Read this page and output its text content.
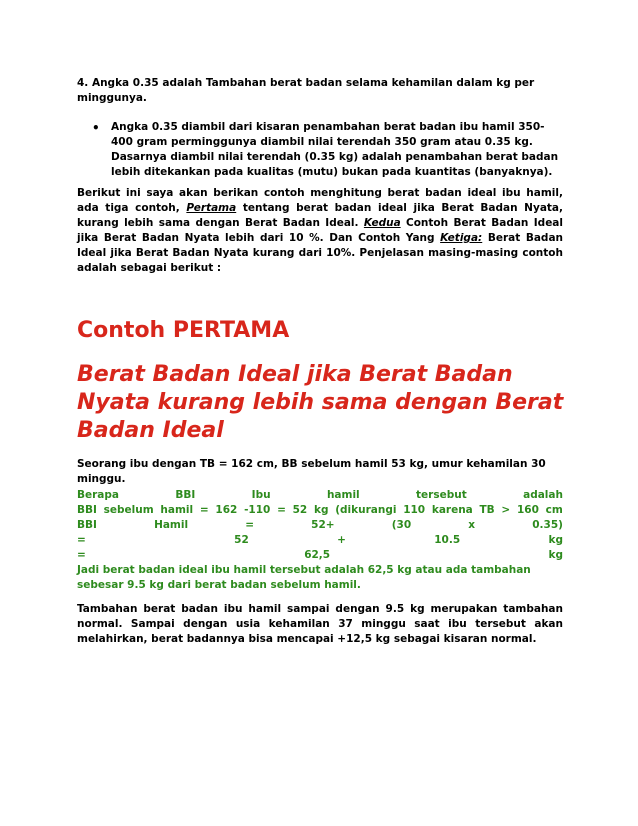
4. Angka 0.35 adalah Tambahan berat badan selama kehamilan dalam kg per
minggunya.
• Angka 0.35 diambil dari kisaran penambahan berat badan ibu hamil 350-400 gram perminggunya diambil nilai terendah 350 gram atau 0.35 kg. Dasarnya diambil nilai terendah (0.35 kg) adalah penambahan berat badan lebih ditekankan pada kualitas (mutu) bukan pada kuantitas (banyaknya).
Berikut ini saya akan berikan contoh menghitung berat badan ideal ibu hamil, ada tiga contoh, Pertama tentang berat badan ideal jika Berat Badan Nyata, kurang lebih sama dengan Berat Badan Ideal. Kedua Contoh Berat Badan Ideal jika Berat Badan Nyata lebih dari 10 %. Dan Contoh Yang Ketiga: Berat Badan Ideal jika Berat Badan Nyata kurang dari 10%. Penjelasan masing-masing contoh adalah sebagai berikut :
Contoh PERTAMA
Berat Badan Ideal jika Berat Badan Nyata kurang lebih sama dengan Berat Badan Ideal
Seorang ibu dengan TB = 162 cm, BB sebelum hamil 53 kg, umur kehamilan 30 minggu.
Berapa	BBI	Ibu	hamil	tersebut	adalah
BBI sebelum hamil = 162 -110 = 52 kg (dikurangi 110 karena TB > 160 cm
BBI	Hamil	=	52+	(30	x	0.35)
=	52	+	10.5	kg
=	62,5	kg
Jadi berat badan ideal ibu hamil tersebut adalah 62,5 kg atau ada tambahan sebesar 9.5 kg dari berat badan sebelum hamil.
Tambahan berat badan ibu hamil sampai dengan 9.5 kg merupakan tambahan normal. Sampai dengan usia kehamilan 37 minggu saat ibu tersebut akan melahirkan, berat badannya bisa mencapai +12,5 kg sebagai kisaran normal.
